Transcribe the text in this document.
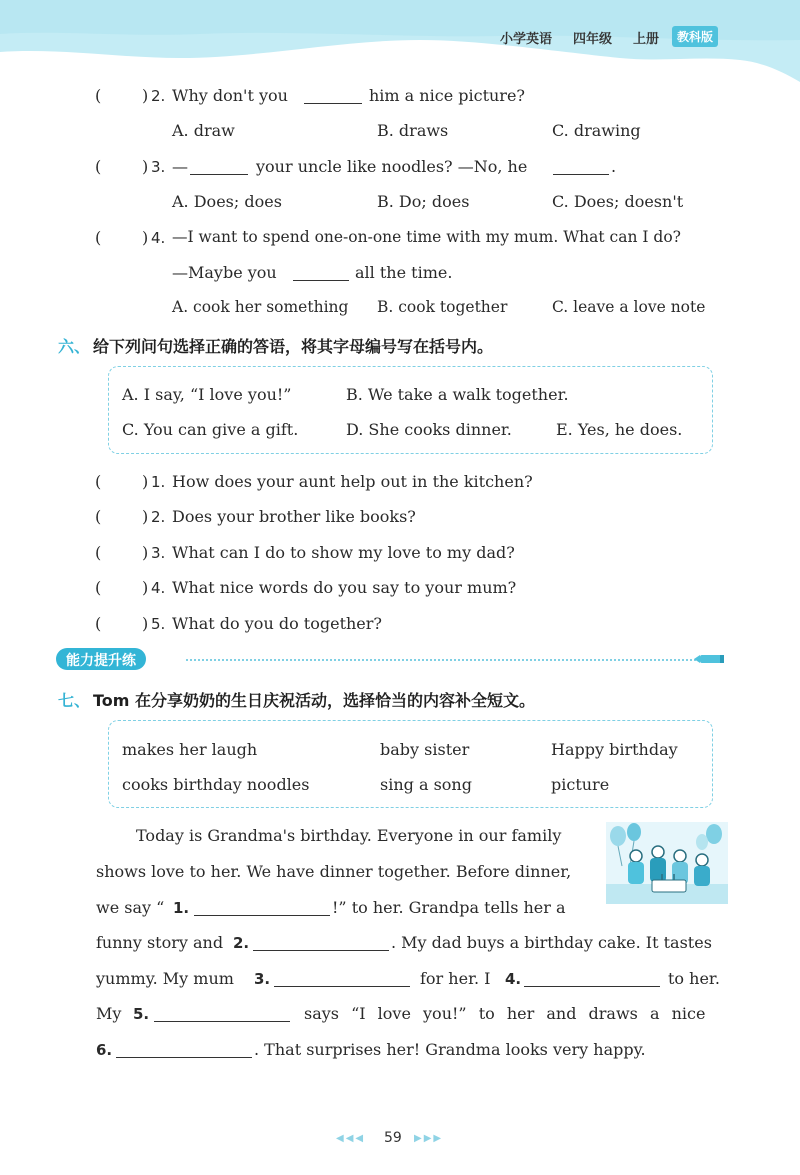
小学英语 四年级 上册	教科版
(	) 2. Why don't you	him a nice picture?
A. draw	B. draws	C. drawing
(	) 3. —	your uncle like noodles? —No, he	.
A. Does; does	B. Do; does	C. Does; doesn't
(	) 4. —I want to spend one-on-one time with my mum. What can I do?
—Maybe you	all the time.
A. cook her something B. cook together	C. leave a love note
六、 给下列问句选择正确的答语，将其字母编号写在括号内。
A. I say, “I love you!”	B. We take a walk together.
C. You can give a gift.	D. She cooks dinner.	E. Yes, he does.
(	) 1. How does your aunt help out in the kitchen?
(	) 2. Does your brother like books?
(	) 3. What can I do to show my love to my dad?
(	) 4. What nice words do you say to your mum?
(	) 5. What do you do together?
能力提升练
七、 Tom 在分享奶奶的生日庆祝活动，选择恰当的内容补全短文。
makes her laugh	baby sister	Happy birthday
cooks birthday noodles	sing a song	picture
Today is Grandma's birthday. Everyone in our family
shows love to her. We have dinner together. Before dinner,
we say “ 1.	!” to her. Grandpa tells her a
funny story and 2.	. My dad buys a birthday cake. It tastes
yummy. My mum 3.	for her. I 4.	to her.
My 5.	says “I love you!” to her and draws a nice
6.	. That surprises her! Grandma looks very happy.
◀◀◀ 59 ▶▶▶
